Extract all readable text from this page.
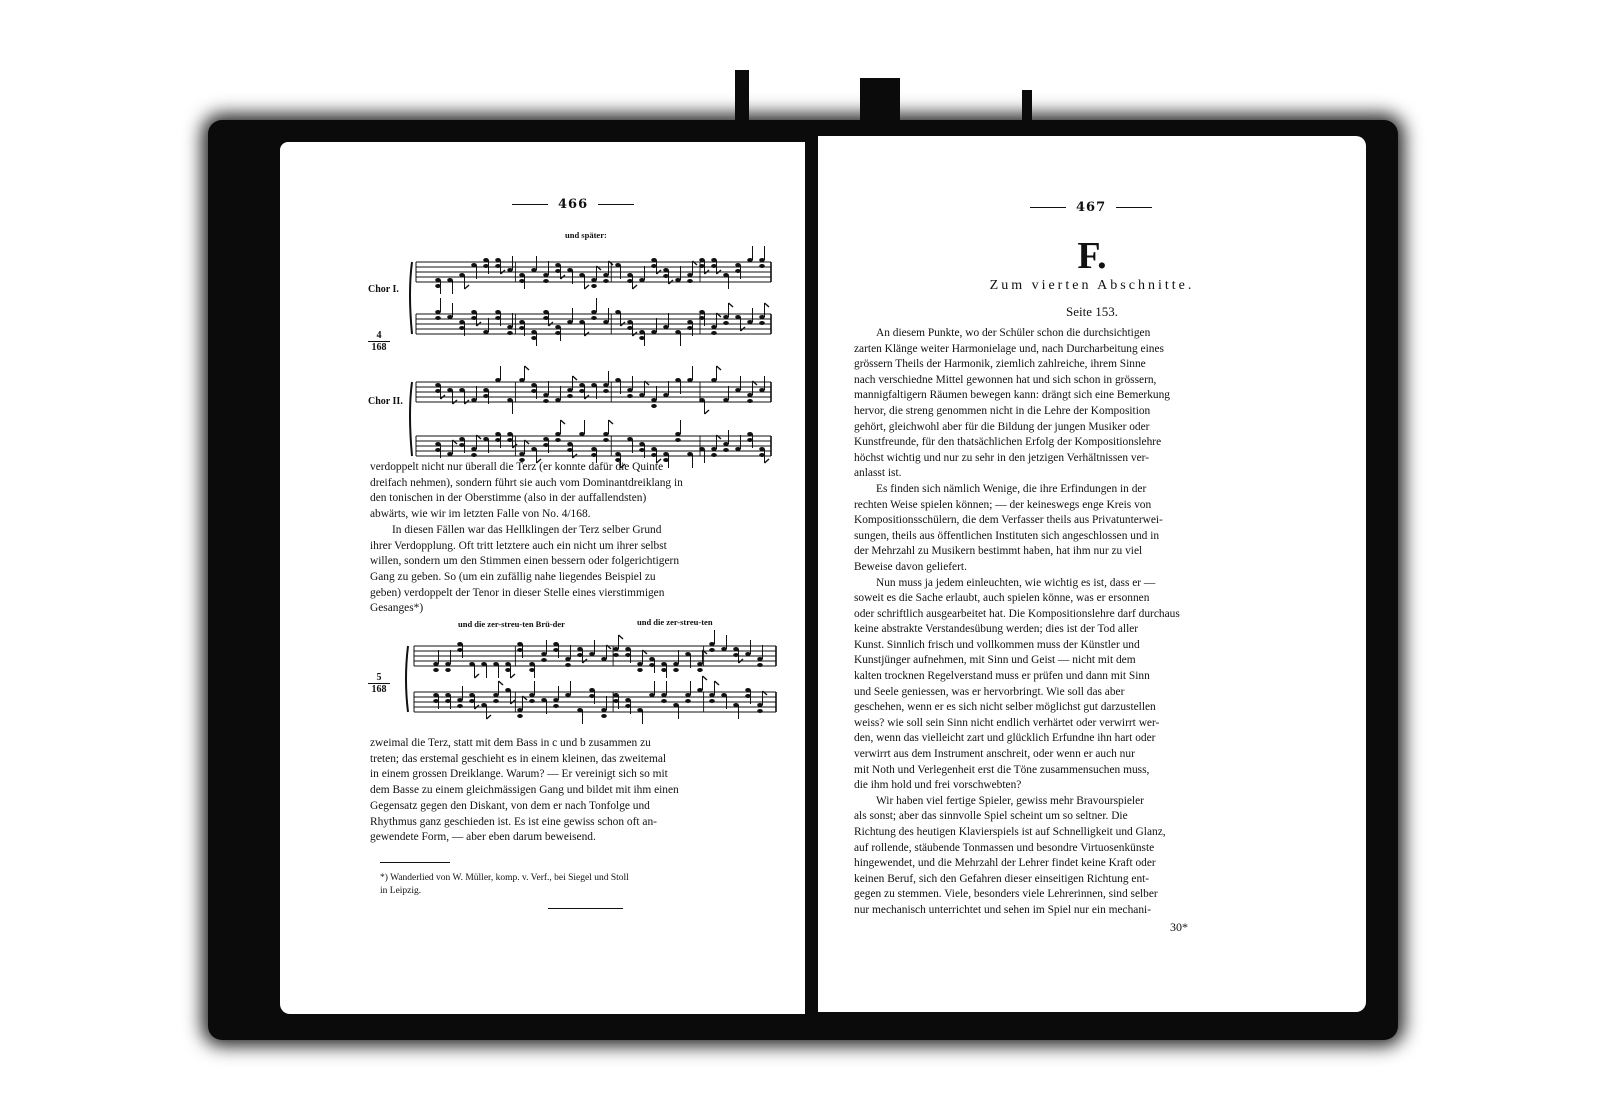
466
und später:
Chor I.
Chor II.
$\frac{4}{168}$

verdoppelt nicht nur überall die Terz (er konnte dafür die Quinte

dreifach nehmen), sondern führt sie auch vom Dominantdreiklang in

den tonischen in der Oberstimme (also in der auffallendsten)

abwärts, wie wir im letzten Falle von No. 4/168.

In diesen Fällen war das Hellklingen der Terz selber Grund

ihrer Verdopplung. Oft tritt letztere auch ein nicht um ihrer selbst

willen, sondern um den Stimmen einen bessern oder folgerichtigern

Gang zu geben. So (um ein zufällig nahe liegendes Beispiel zu

geben) verdoppelt der Tenor in dieser Stelle eines vierstimmigen

Gesanges*)

und die zer-streu-ten Brü-der	und die zer-streu-ten
$\frac{5}{168}$

zweimal die Terz, statt mit dem Bass in c und b zusammen zu

treten; das erstemal geschieht es in einem kleinen, das zweitemal

in einem grossen Dreiklange. Warum? — Er vereinigt sich so mit

dem Basse zu einem gleichmässigen Gang und bildet mit ihm einen

Gegensatz gegen den Diskant, von dem er nach Tonfolge und

Rhythmus ganz geschieden ist. Es ist eine gewiss schon oft an-

gewendete Form, — aber eben darum beweisend.

*) Wanderlied von W. Müller, komp. v. Verf., bei Siegel und Stoll
in Leipzig.
467
F.
Zum vierten Abschnitte.
Seite 153.

An diesem Punkte, wo der Schüler schon die durchsichtigen

zarten Klänge weiter Harmonielage und, nach Durcharbeitung eines

grössern Theils der Harmonik, ziemlich zahlreiche, ihrem Sinne

nach verschiedne Mittel gewonnen hat und sich schon in grössern,

mannigfaltigern Räumen bewegen kann: drängt sich eine Bemerkung

hervor, die streng genommen nicht in die Lehre der Komposition

gehört, gleichwohl aber für die Bildung der jungen Musiker oder

Kunstfreunde, für den thatsächlichen Erfolg der Kompositionslehre

höchst wichtig und nur zu sehr in den jetzigen Verhältnissen ver-

anlasst ist.

Es finden sich nämlich Wenige, die ihre Erfindungen in der

rechten Weise spielen können; — der keineswegs enge Kreis von

Kompositionsschülern, die dem Verfasser theils aus Privatunterwei-

sungen, theils aus öffentlichen Instituten sich angeschlossen und in

der Mehrzahl zu Musikern bestimmt haben, hat ihm nur zu viel

Beweise davon geliefert.

Nun muss ja jedem einleuchten, wie wichtig es ist, dass er —

soweit es die Sache erlaubt, auch spielen könne, was er ersonnen

oder schriftlich ausgearbeitet hat. Die Kompositionslehre darf durchaus

keine abstrakte Verstandesübung werden; dies ist der Tod aller

Kunst. Sinnlich frisch und vollkommen muss der Künstler und

Kunstjünger aufnehmen, mit Sinn und Geist — nicht mit dem

kalten trocknen Regelverstand muss er prüfen und dann mit Sinn

und Seele geniessen, was er hervorbringt. Wie soll das aber

geschehen, wenn er es sich nicht selber möglichst gut darzustellen

weiss? wie soll sein Sinn nicht endlich verhärtet oder verwirrt wer-

den, wenn das vielleicht zart und glücklich Erfundne ihn hart oder

verwirrt aus dem Instrument anschreit, oder wenn er auch nur

mit Noth und Verlegenheit erst die Töne zusammensuchen muss,

die ihm hold und frei vorschwebten?

Wir haben viel fertige Spieler, gewiss mehr Bravourspieler

als sonst; aber das sinnvolle Spiel scheint um so seltner. Die

Richtung des heutigen Klavierspiels ist auf Schnelligkeit und Glanz,

auf rollende, stäubende Tonmassen und besondre Virtuosenkünste

hingewendet, und die Mehrzahl der Lehrer findet keine Kraft oder

keinen Beruf, sich den Gefahren dieser einseitigen Richtung ent-

gegen zu stemmen. Viele, besonders viele Lehrerinnen, sind selber

nur mechanisch unterrichtet und sehen im Spiel nur ein mechani-

30*
